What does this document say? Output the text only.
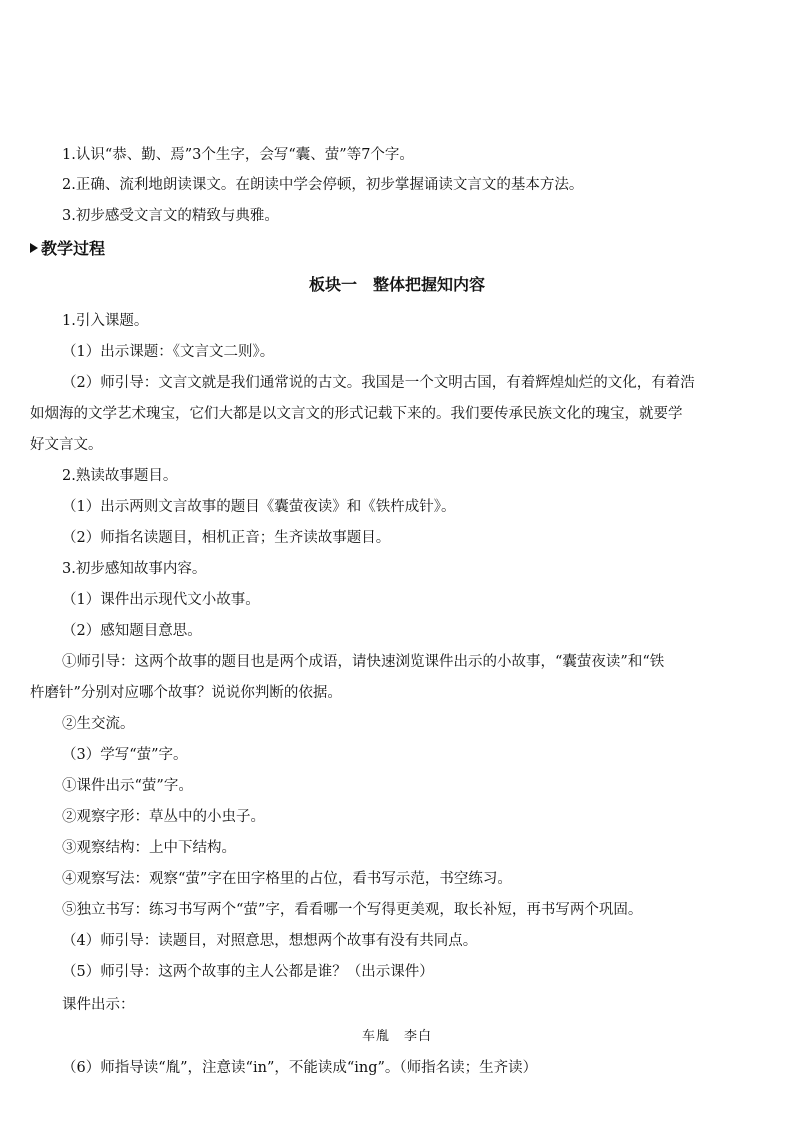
1.认识“恭、勤、焉”3个生字，会写“囊、萤”等7个字。
2.正确、流利地朗读课文。在朗读中学会停顿，初步掌握诵读文言文的基本方法。
3.初步感受文言文的精致与典雅。
教学过程
板块一　整体把握知内容
1.引入课题。
（1）出示课题：《文言文二则》。
（2）师引导：文言文就是我们通常说的古文。我国是一个文明古国，有着辉煌灿烂的文化，有着浩
如烟海的文学艺术瑰宝，它们大都是以文言文的形式记载下来的。我们要传承民族文化的瑰宝，就要学
好文言文。
2.熟读故事题目。
（1）出示两则文言故事的题目《囊萤夜读》和《铁杵成针》。
（2）师指名读题目，相机正音；生齐读故事题目。
3.初步感知故事内容。
（1）课件出示现代文小故事。
（2）感知题目意思。
①师引导：这两个故事的题目也是两个成语，请快速浏览课件出示的小故事，“囊萤夜读”和“铁
杵磨针”分别对应哪个故事？说说你判断的依据。
②生交流。
（3）学写“萤”字。
①课件出示“萤”字。
②观察字形：草丛中的小虫子。
③观察结构：上中下结构。
④观察写法：观察“萤”字在田字格里的占位，看书写示范，书空练习。
⑤独立书写：练习书写两个“萤”字，看看哪一个写得更美观，取长补短，再书写两个巩固。
（4）师引导：读题目，对照意思，想想两个故事有没有共同点。
（5）师引导：这两个故事的主人公都是谁？（出示课件）
课件出示：
车胤　李白
（6）师指导读“胤”，注意读“in”，不能读成“ing”。（师指名读；生齐读）
